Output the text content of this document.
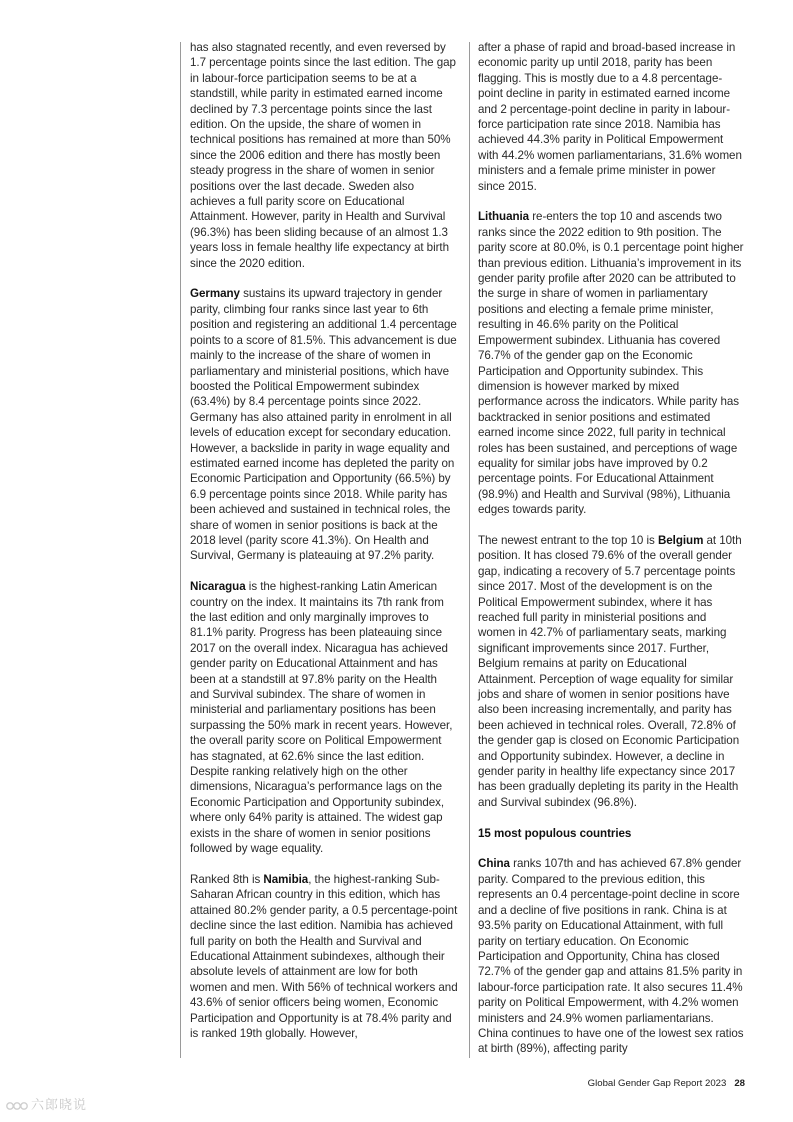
has also stagnated recently, and even reversed by 1.7 percentage points since the last edition. The gap in labour-force participation seems to be at a standstill, while parity in estimated earned income declined by 7.3 percentage points since the last edition. On the upside, the share of women in technical positions has remained at more than 50% since the 2006 edition and there has mostly been steady progress in the share of women in senior positions over the last decade. Sweden also achieves a full parity score on Educational Attainment. However, parity in Health and Survival (96.3%) has been sliding because of an almost 1.3 years loss in female healthy life expectancy at birth since the 2020 edition.

Germany sustains its upward trajectory in gender parity, climbing four ranks since last year to 6th position and registering an additional 1.4 percentage points to a score of 81.5%. This advancement is due mainly to the increase of the share of women in parliamentary and ministerial positions, which have boosted the Political Empowerment subindex (63.4%) by 8.4 percentage points since 2022. Germany has also attained parity in enrolment in all levels of education except for secondary education. However, a backslide in parity in wage equality and estimated earned income has depleted the parity on Economic Participation and Opportunity (66.5%) by 6.9 percentage points since 2018. While parity has been achieved and sustained in technical roles, the share of women in senior positions is back at the 2018 level (parity score 41.3%). On Health and Survival, Germany is plateauing at 97.2% parity.

Nicaragua is the highest-ranking Latin American country on the index. It maintains its 7th rank from the last edition and only marginally improves to 81.1% parity. Progress has been plateauing since 2017 on the overall index. Nicaragua has achieved gender parity on Educational Attainment and has been at a standstill at 97.8% parity on the Health and Survival subindex. The share of women in ministerial and parliamentary positions has been surpassing the 50% mark in recent years. However, the overall parity score on Political Empowerment has stagnated, at 62.6% since the last edition. Despite ranking relatively high on the other dimensions, Nicaragua’s performance lags on the Economic Participation and Opportunity subindex, where only 64% parity is attained. The widest gap exists in the share of women in senior positions followed by wage equality.

Ranked 8th is Namibia, the highest-ranking Sub-Saharan African country in this edition, which has attained 80.2% gender parity, a 0.5 percentage-point decline since the last edition. Namibia has achieved full parity on both the Health and Survival and Educational Attainment subindexes, although their absolute levels of attainment are low for both women and men. With 56% of technical workers and 43.6% of senior officers being women, Economic Participation and Opportunity is at 78.4% parity and is ranked 19th globally. However,

after a phase of rapid and broad-based increase in economic parity up until 2018, parity has been flagging. This is mostly due to a 4.8 percentage-point decline in parity in estimated earned income and 2 percentage-point decline in parity in labour-force participation rate since 2018. Namibia has achieved 44.3% parity in Political Empowerment with 44.2% women parliamentarians, 31.6% women ministers and a female prime minister in power since 2015.

Lithuania re-enters the top 10 and ascends two ranks since the 2022 edition to 9th position. The parity score at 80.0%, is 0.1 percentage point higher than previous edition. Lithuania’s improvement in its gender parity profile after 2020 can be attributed to the surge in share of women in parliamentary positions and electing a female prime minister, resulting in 46.6% parity on the Political Empowerment subindex. Lithuania has covered 76.7% of the gender gap on the Economic Participation and Opportunity subindex. This dimension is however marked by mixed performance across the indicators. While parity has backtracked in senior positions and estimated earned income since 2022, full parity in technical roles has been sustained, and perceptions of wage equality for similar jobs have improved by 0.2 percentage points. For Educational Attainment (98.9%) and Health and Survival (98%), Lithuania edges towards parity.

The newest entrant to the top 10 is Belgium at 10th position. It has closed 79.6% of the overall gender gap, indicating a recovery of 5.7 percentage points since 2017. Most of the development is on the Political Empowerment subindex, where it has reached full parity in ministerial positions and women in 42.7% of parliamentary seats, marking significant improvements since 2017. Further, Belgium remains at parity on Educational Attainment. Perception of wage equality for similar jobs and share of women in senior positions have also been increasing incrementally, and parity has been achieved in technical roles. Overall, 72.8% of the gender gap is closed on Economic Participation and Opportunity subindex. However, a decline in gender parity in healthy life expectancy since 2017 has been gradually depleting its parity in the Health and Survival subindex (96.8%).

15 most populous countries

China ranks 107th and has achieved 67.8% gender parity. Compared to the previous edition, this represents an 0.4 percentage-point decline in score and a decline of five positions in rank. China is at 93.5% parity on Educational Attainment, with full parity on tertiary education. On Economic Participation and Opportunity, China has closed 72.7% of the gender gap and attains 81.5% parity in labour-force participation rate. It also secures 11.4% parity on Political Empowerment, with 4.2% women ministers and 24.9% women parliamentarians. China continues to have one of the lowest sex ratios at birth (89%), affecting parity

Global Gender Gap Report 2023 28
六郎晓说
